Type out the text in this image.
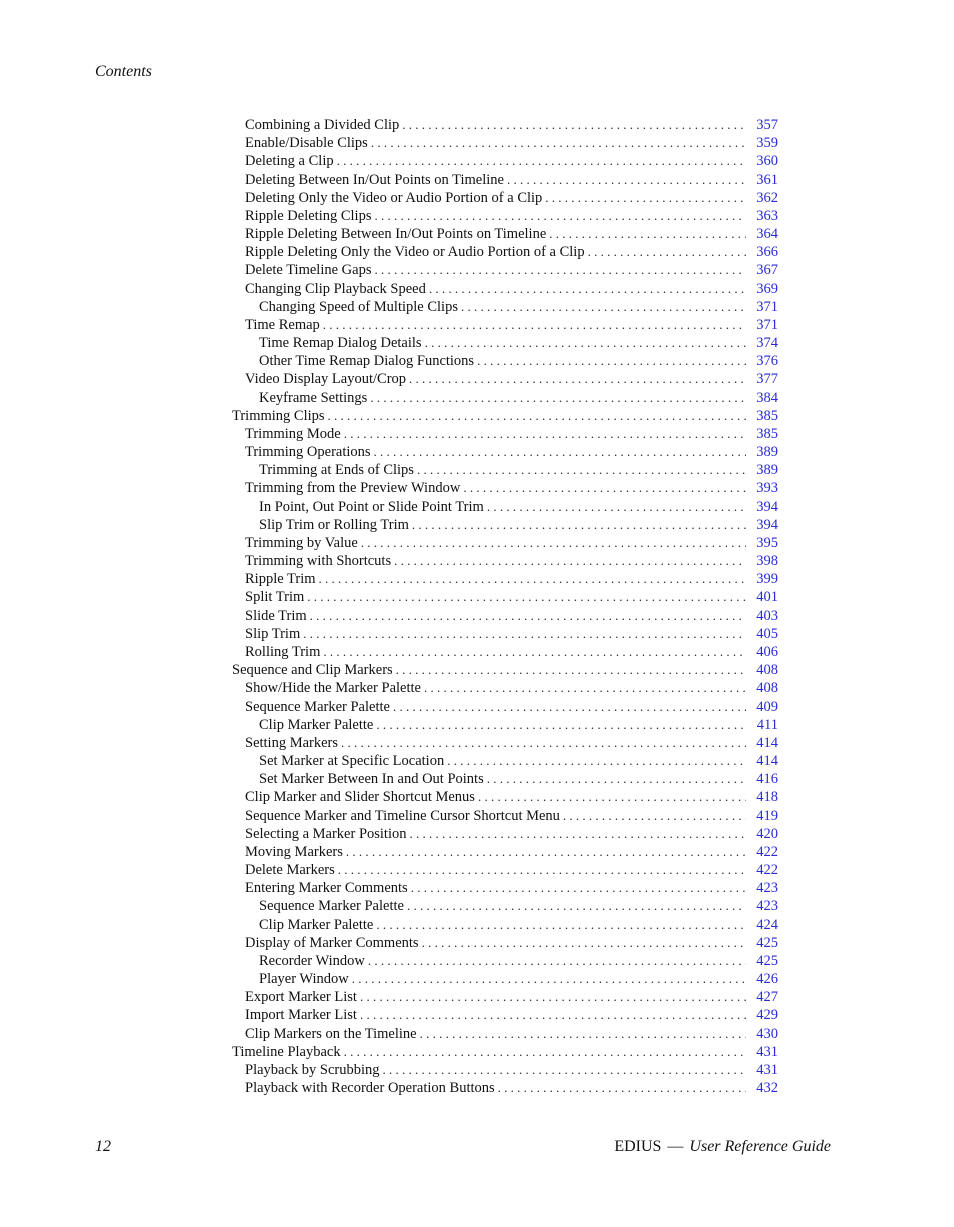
Contents
Combining a Divided Clip . . .	357
Enable/Disable Clips . . .	359
Deleting a Clip . . .	360
Deleting Between In/Out Points on Timeline . . .	361
Deleting Only the Video or Audio Portion of a Clip . . .	362
Ripple Deleting Clips . . .	363
Ripple Deleting Between In/Out Points on Timeline . . .	364
Ripple Deleting Only the Video or Audio Portion of a Clip . . .	366
Delete Timeline Gaps . . .	367
Changing Clip Playback Speed . . .	369
Changing Speed of Multiple Clips . . .	371
Time Remap . . .	371
Time Remap Dialog Details . . .	374
Other Time Remap Dialog Functions . . .	376
Video Display Layout/Crop . . .	377
Keyframe Settings . . .	384
Trimming Clips . . .	385
Trimming Mode . . .	385
Trimming Operations . . .	389
Trimming at Ends of Clips . . .	389
Trimming from the Preview Window . . .	393
In Point, Out Point or Slide Point Trim . . .	394
Slip Trim or Rolling Trim . . .	394
Trimming by Value . . .	395
Trimming with Shortcuts . . .	398
Ripple Trim . . .	399
Split Trim . . .	401
Slide Trim . . .	403
Slip Trim . . .	405
Rolling Trim . . .	406
Sequence and Clip Markers . . .	408
Show/Hide the Marker Palette . . .	408
Sequence Marker Palette . . .	409
Clip Marker Palette . . .	411
Setting Markers . . .	414
Set Marker at Specific Location . . .	414
Set Marker Between In and Out Points . . .	416
Clip Marker and Slider Shortcut Menus . . .	418
Sequence Marker and Timeline Cursor Shortcut Menu . . .	419
Selecting a Marker Position . . .	420
Moving Markers . . .	422
Delete Markers . . .	422
Entering Marker Comments . . .	423
Sequence Marker Palette . . .	423
Clip Marker Palette . . .	424
Display of Marker Comments . . .	425
Recorder Window . . .	425
Player Window . . .	426
Export Marker List . . .	427
Import Marker List . . .	429
Clip Markers on the Timeline . . .	430
Timeline Playback . . .	431
Playback by Scrubbing . . .	431
Playback with Recorder Operation Buttons . . .	432
12	EDIUS — User Reference Guide
